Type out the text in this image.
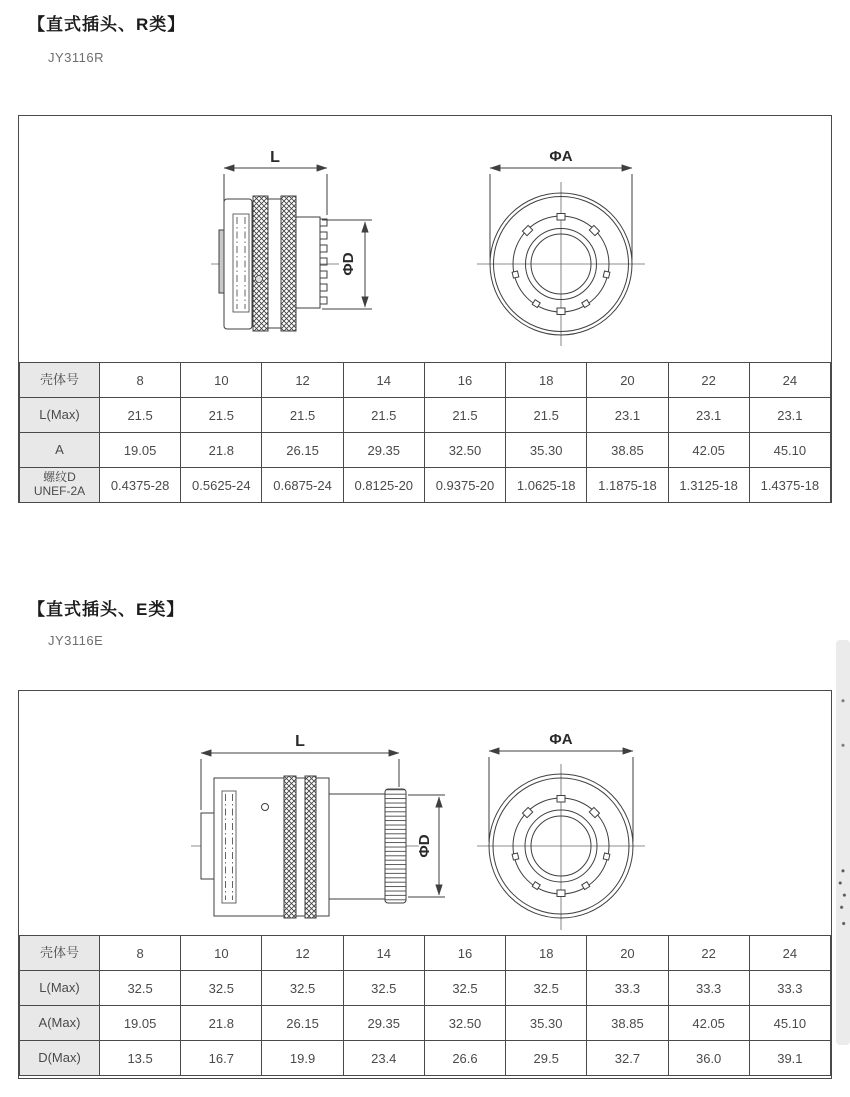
【直式插头、R类】
JY3116R
L
ΦD
ΦA
壳体号	8	10	12	14	16	18	20	22	24
L(Max)	21.5	21.5	21.5	21.5	21.5	21.5	23.1	23.1	23.1
A	19.05	21.8	26.15	29.35	32.50	35.30	38.85	42.05	45.10
螺纹D
UNEF-2A	0.4375-28	0.5625-24	0.6875-24	0.8125-20	0.9375-20	1.0625-18	1.1875-18	1.3125-18	1.4375-18
【直式插头、E类】
JY3116E
L
ΦD
ΦA
壳体号	8	10	12	14	16	18	20	22	24
L(Max)	32.5	32.5	32.5	32.5	32.5	32.5	33.3	33.3	33.3
A(Max)	19.05	21.8	26.15	29.35	32.50	35.30	38.85	42.05	45.10
D(Max)	13.5	16.7	19.9	23.4	26.6	29.5	32.7	36.0	39.1
